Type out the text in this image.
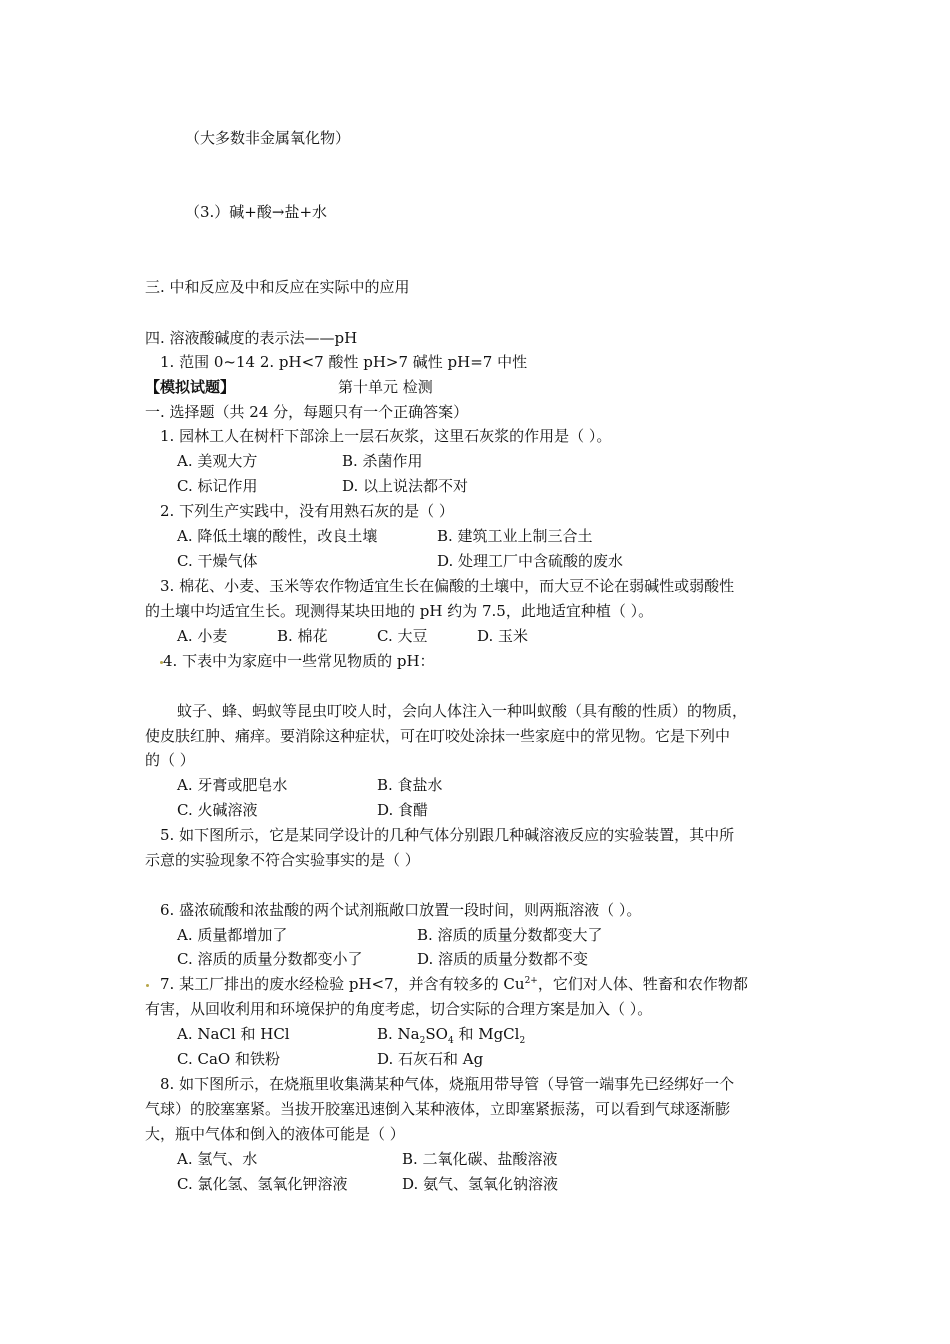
（大多数非金属氧化物）
（3.）碱+酸→盐+水
三. 中和反应及中和反应在实际中的应用
四. 溶液酸碱度的表示法——pH
1. 范围 0~14 2. pH<7 酸性 pH>7 碱性 pH=7 中性
【模拟试题】	第十单元 检测
一. 选择题（共 24 分，每题只有一个正确答案）
1. 园林工人在树杆下部涂上一层石灰浆，这里石灰浆的作用是（ ）。
A. 美观大方	B. 杀菌作用
C. 标记作用	D. 以上说法都不对
2. 下列生产实践中，没有用熟石灰的是（ ）
A. 降低土壤的酸性，改良土壤	B. 建筑工业上制三合土
C. 干燥气体	D. 处理工厂中含硫酸的废水
3. 棉花、小麦、玉米等农作物适宜生长在偏酸的土壤中，而大豆不论在弱碱性或弱酸性
的土壤中均适宜生长。现测得某块田地的 pH 约为 7.5，此地适宜种植（ ）。
A. 小麦	B. 棉花	C. 大豆	D. 玉米
4. 下表中为家庭中一些常见物质的 pH：
蚊子、蜂、蚂蚁等昆虫叮咬人时，会向人体注入一种叫蚁酸（具有酸的性质）的物质，
使皮肤红肿、痛痒。要消除这种症状，可在叮咬处涂抹一些家庭中的常见物。它是下列中
的（ ）
A. 牙膏或肥皂水	B. 食盐水
C. 火碱溶液	D. 食醋
5. 如下图所示，它是某同学设计的几种气体分别跟几种碱溶液反应的实验装置，其中所
示意的实验现象不符合实验事实的是（ ）
6. 盛浓硫酸和浓盐酸的两个试剂瓶敞口放置一段时间，则两瓶溶液（ ）。
A. 质量都增加了	B. 溶质的质量分数都变大了
C. 溶质的质量分数都变小了	D. 溶质的质量分数都不变
7. 某工厂排出的废水经检验 pH<7，并含有较多的 $Cu^{2+}$，它们对人体、牲畜和农作物都
有害，从回收利用和环境保护的角度考虑，切合实际的合理方案是加入（ ）。
A. NaCl 和 HCl	B. $Na_2SO_4$ 和 MgCl$_2$
C. CaO 和铁粉	D. 石灰石和 Ag
8. 如下图所示，在烧瓶里收集满某种气体，烧瓶用带导管（导管一端事先已经绑好一个
气球）的胶塞塞紧。当拔开胶塞迅速倒入某种液体，立即塞紧振荡，可以看到气球逐渐膨
大，瓶中气体和倒入的液体可能是（ ）
A. 氢气、水	B. 二氧化碳、盐酸溶液
C. 氯化氢、氢氧化钾溶液	D. 氨气、氢氧化钠溶液
